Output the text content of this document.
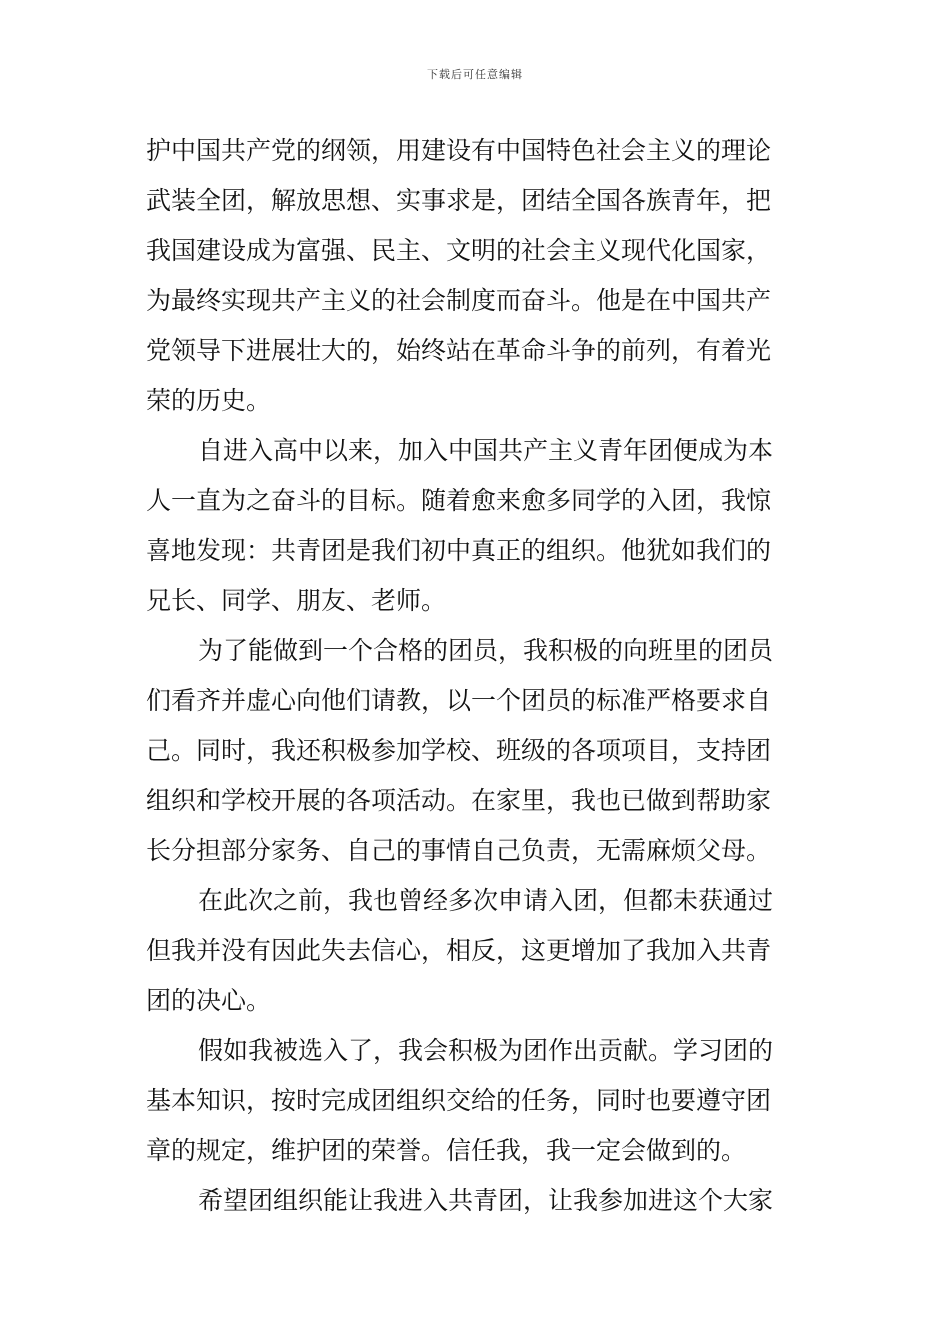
下载后可任意编辑
护中国共产党的纲领，用建设有中国特色社会主义的理论
武装全团，解放思想、实事求是，团结全国各族青年，把
我国建设成为富强、民主、文明的社会主义现代化国家，
为最终实现共产主义的社会制度而奋斗。他是在中国共产
党领导下进展壮大的，始终站在革命斗争的前列，有着光
荣的历史。
自进入高中以来，加入中国共产主义青年团便成为本
人一直为之奋斗的目标。随着愈来愈多同学的入团，我惊
喜地发现：共青团是我们初中真正的组织。他犹如我们的
兄长、同学、朋友、老师。
为了能做到一个合格的团员，我积极的向班里的团员
们看齐并虚心向他们请教，以一个团员的标准严格要求自
己。同时，我还积极参加学校、班级的各项项目，支持团
组织和学校开展的各项活动。在家里，我也已做到帮助家
长分担部分家务、自己的事情自己负责，无需麻烦父母。
在此次之前，我也曾经多次申请入团，但都未获通过
但我并没有因此失去信心，相反，这更增加了我加入共青
团的决心。
假如我被选入了，我会积极为团作出贡献。学习团的
基本知识，按时完成团组织交给的任务，同时也要遵守团
章的规定，维护团的荣誉。信任我，我一定会做到的。
希望团组织能让我进入共青团，让我参加进这个大家
